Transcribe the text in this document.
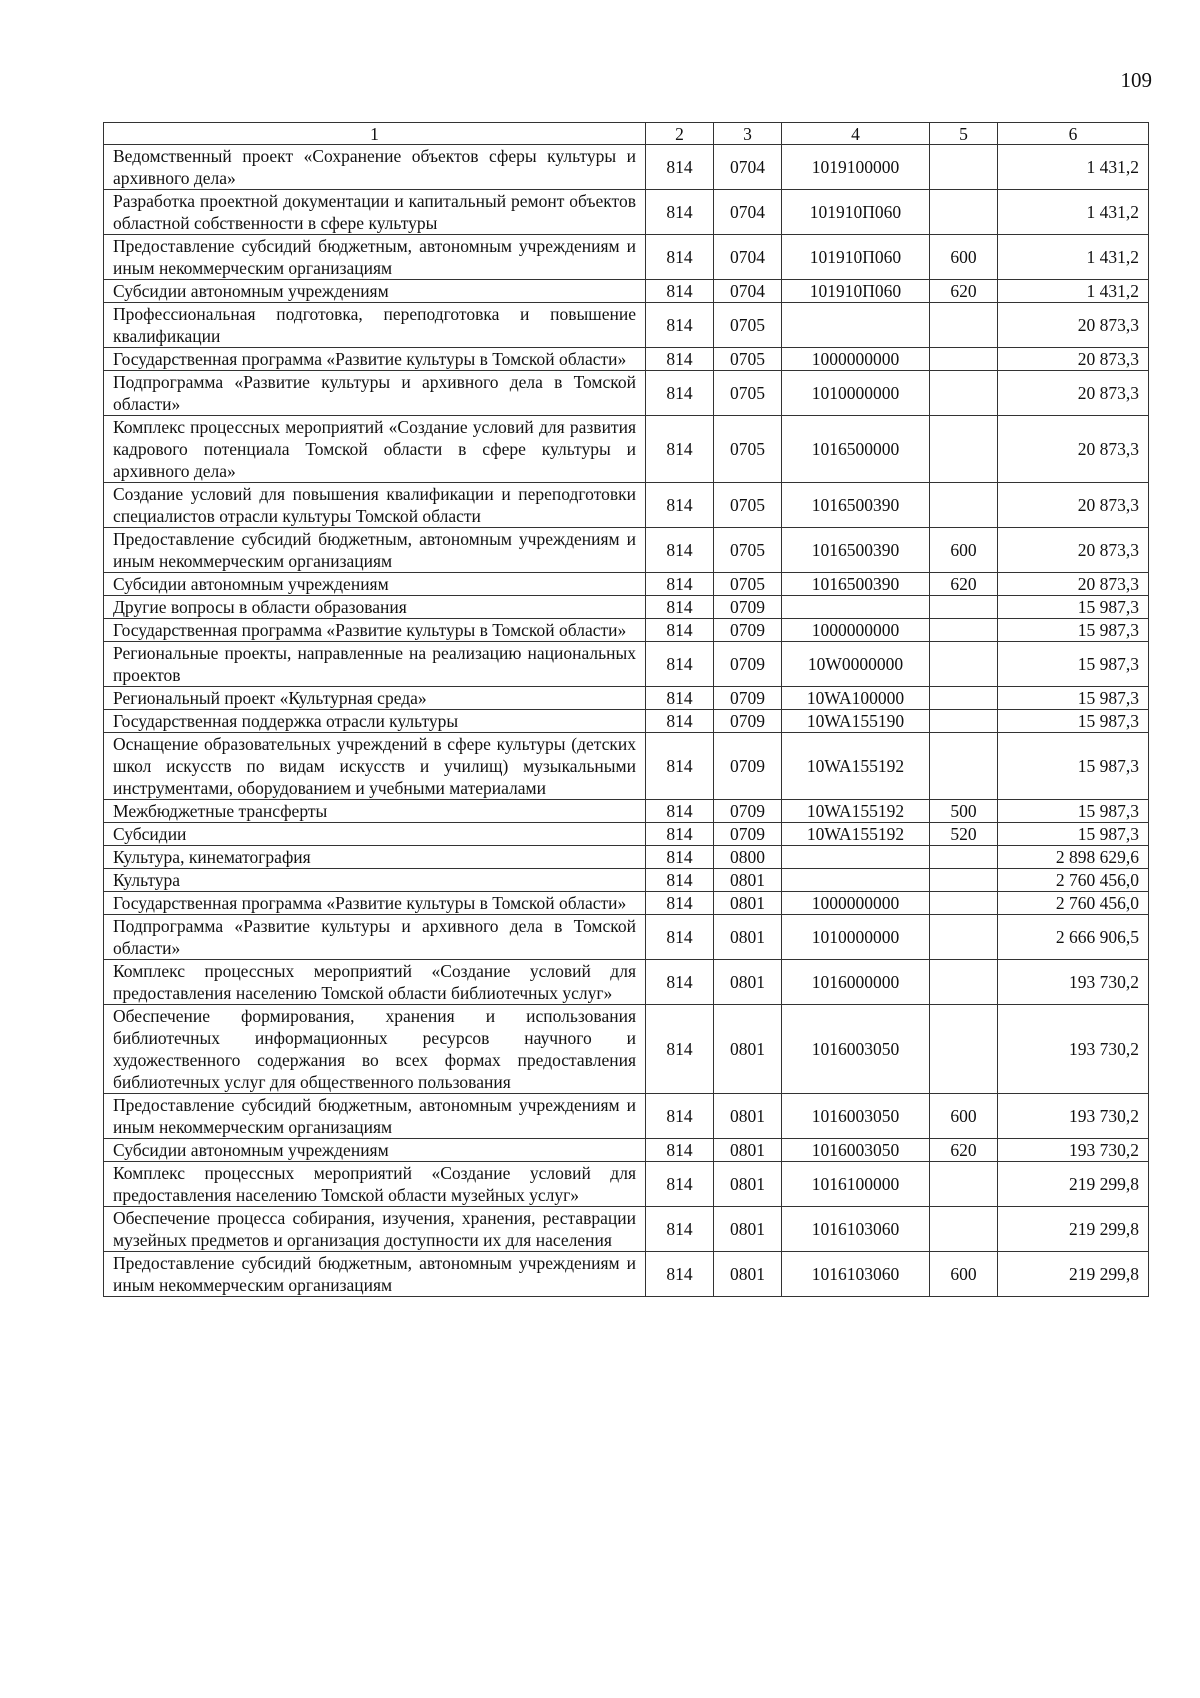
109
1	2	3	4	5	6
Ведомственный проект «Сохранение объектов сферы культуры и архивного дела»	814	0704	1019100000		1 431,2
Разработка проектной документации и капитальный ремонт объектов областной собственности в сфере культуры	814	0704	101910П060		1 431,2
Предоставление субсидий бюджетным, автономным учреждениям и иным некоммерческим организациям	814	0704	101910П060	600	1 431,2
Субсидии автономным учреждениям	814	0704	101910П060	620	1 431,2
Профессиональная подготовка, переподготовка и повышение квалификации	814	0705			20 873,3
Государственная программа «Развитие культуры в Томской области»	814	0705	1000000000		20 873,3
Подпрограмма «Развитие культуры и архивного дела в Томской области»	814	0705	1010000000		20 873,3
Комплекс процессных мероприятий «Создание условий для развития кадрового потенциала Томской области в сфере культуры и архивного дела»	814	0705	1016500000		20 873,3
Создание условий для повышения квалификации и переподготовки специалистов отрасли культуры Томской области	814	0705	1016500390		20 873,3
Предоставление субсидий бюджетным, автономным учреждениям и иным некоммерческим организациям	814	0705	1016500390	600	20 873,3
Субсидии автономным учреждениям	814	0705	1016500390	620	20 873,3
Другие вопросы в области образования	814	0709			15 987,3
Государственная программа «Развитие культуры в Томской области»	814	0709	1000000000		15 987,3
Региональные проекты, направленные на реализацию национальных проектов	814	0709	10W0000000		15 987,3
Региональный проект «Культурная среда»	814	0709	10WA100000		15 987,3
Государственная поддержка отрасли культуры	814	0709	10WA155190		15 987,3
Оснащение образовательных учреждений в сфере культуры (детских школ искусств по видам искусств и училищ) музыкальными инструментами, оборудованием и учебными материалами	814	0709	10WA155192		15 987,3
Межбюджетные трансферты	814	0709	10WA155192	500	15 987,3
Субсидии	814	0709	10WA155192	520	15 987,3
Культура, кинематография	814	0800			2 898 629,6
Культура	814	0801			2 760 456,0
Государственная программа «Развитие культуры в Томской области»	814	0801	1000000000		2 760 456,0
Подпрограмма «Развитие культуры и архивного дела в Томской области»	814	0801	1010000000		2 666 906,5
Комплекс процессных мероприятий «Создание условий для предоставления населению Томской области библиотечных услуг»	814	0801	1016000000		193 730,2
Обеспечение формирования, хранения и использования библиотечных информационных ресурсов научного и художественного содержания во всех формах предоставления библиотечных услуг для общественного пользования	814	0801	1016003050		193 730,2
Предоставление субсидий бюджетным, автономным учреждениям и иным некоммерческим организациям	814	0801	1016003050	600	193 730,2
Субсидии автономным учреждениям	814	0801	1016003050	620	193 730,2
Комплекс процессных мероприятий «Создание условий для предоставления населению Томской области музейных услуг»	814	0801	1016100000		219 299,8
Обеспечение процесса собирания, изучения, хранения, реставрации музейных предметов и организация доступности их для населения	814	0801	1016103060		219 299,8
Предоставление субсидий бюджетным, автономным учреждениям и иным некоммерческим организациям	814	0801	1016103060	600	219 299,8
